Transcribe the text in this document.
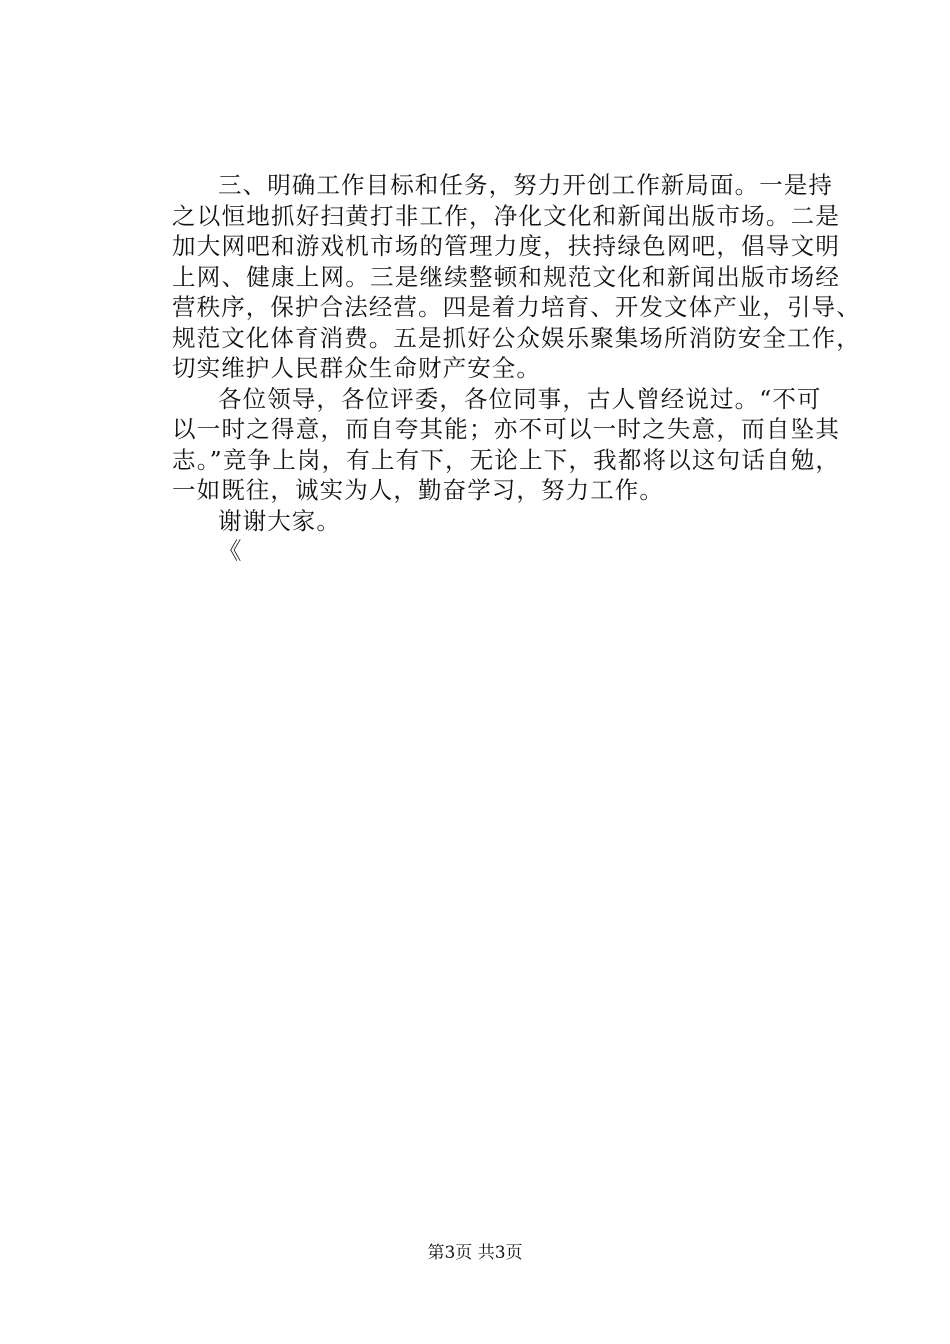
三、明确工作目标和任务，努力开创工作新局面。一是持
之以恒地抓好扫黄打非工作，净化文化和新闻出版市场。二是
加大网吧和游戏机市场的管理力度，扶持绿色网吧，倡导文明
上网、健康上网。三是继续整顿和规范文化和新闻出版市场经
营秩序，保护合法经营。四是着力培育、开发文体产业，引导、
规范文化体育消费。五是抓好公众娱乐聚集场所消防安全工作，
切实维护人民群众生命财产安全。
各位领导，各位评委，各位同事，古人曾经说过。“不可
以一时之得意，而自夸其能；亦不可以一时之失意，而自坠其
志。”竞争上岗，有上有下，无论上下，我都将以这句话自勉，
一如既往，诚实为人，勤奋学习，努力工作。
谢谢大家。
《
第3页 共3页
